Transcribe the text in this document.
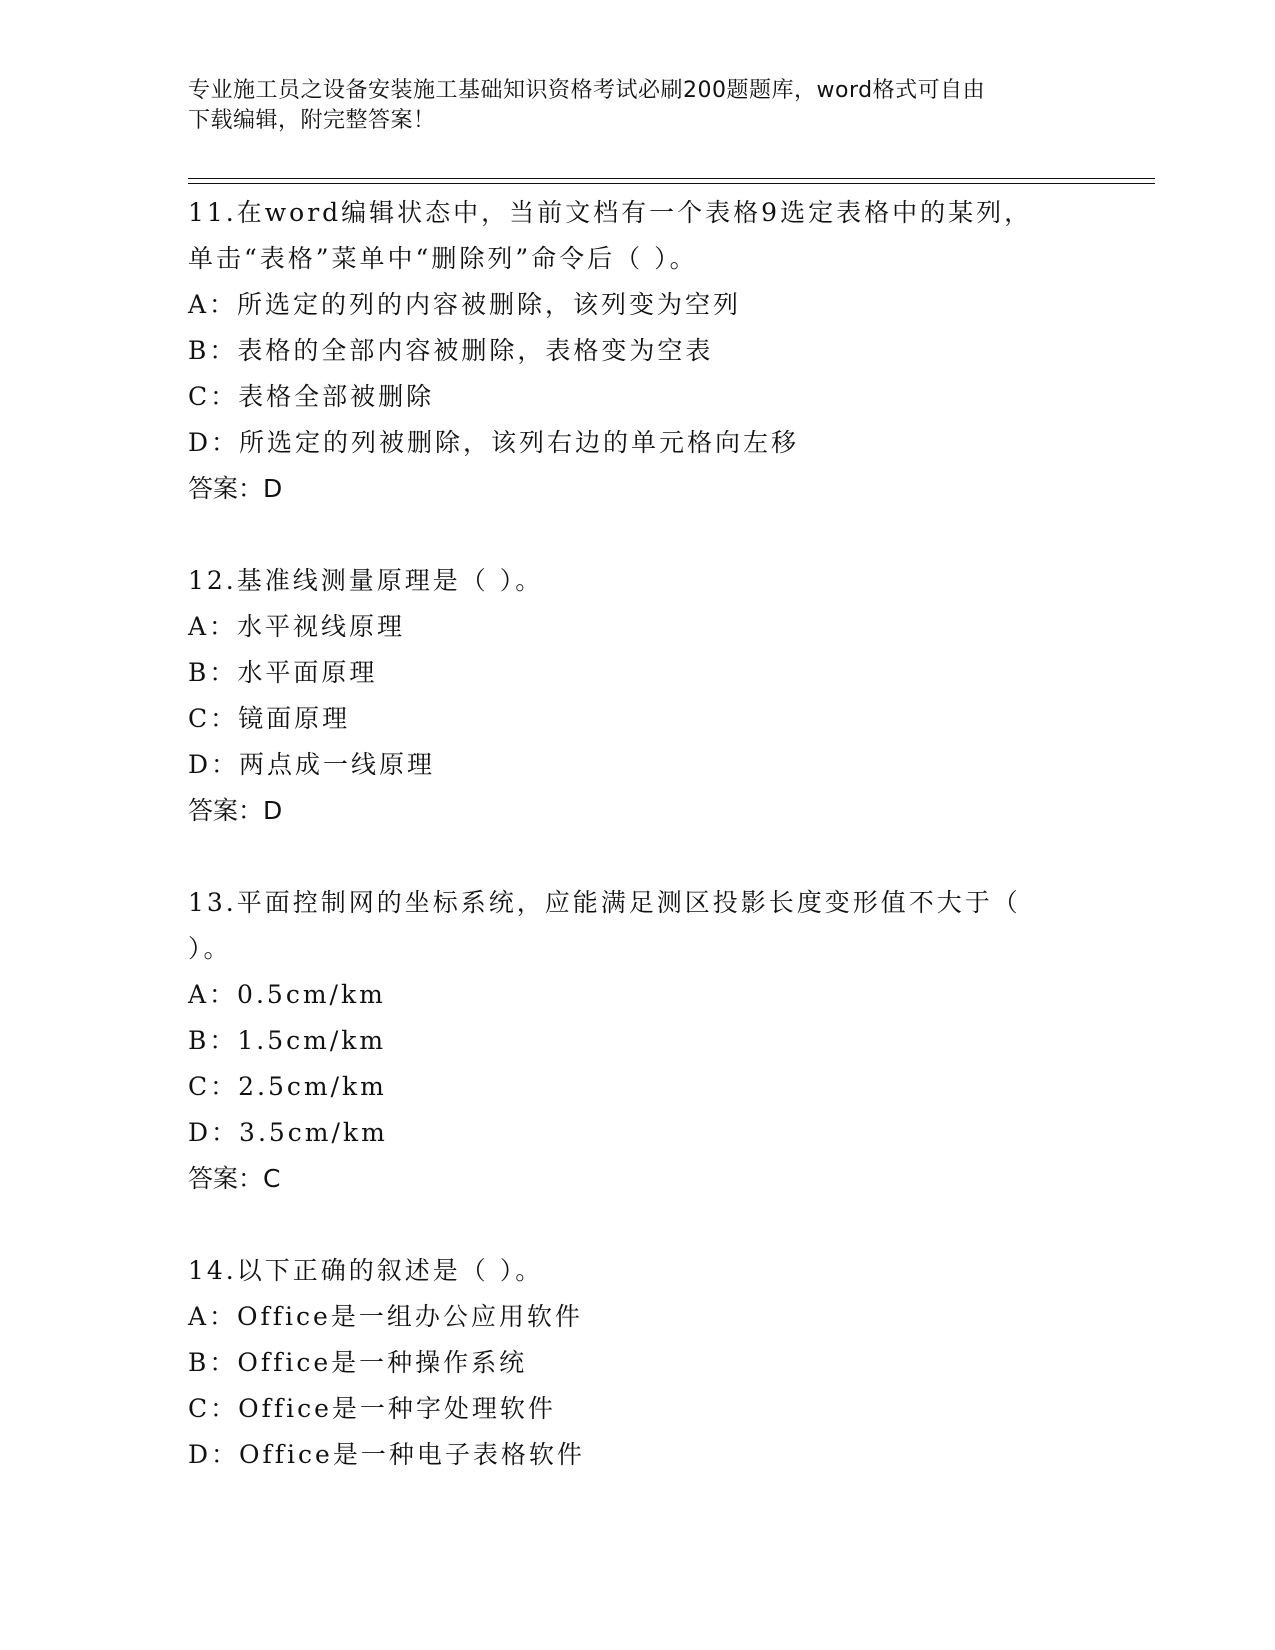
专业施工员之设备安装施工基础知识资格考试必刷200题题库，word格式可自由
下载编辑，附完整答案！
11.在word编辑状态中，当前文档有一个表格9选定表格中的某列，
单击“表格”菜单中“删除列”命令后（ ）。
A：所选定的列的内容被删除，该列变为空列
B：表格的全部内容被删除，表格变为空表
C：表格全部被删除
D：所选定的列被删除，该列右边的单元格向左移
答案：D
12.基准线测量原理是（ ）。
A：水平视线原理
B：水平面原理
C：镜面原理
D：两点成一线原理
答案：D
13.平面控制网的坐标系统，应能满足测区投影长度变形值不大于（
）。
A：0.5cm/km
B：1.5cm/km
C：2.5cm/km
D：3.5cm/km
答案：C
14.以下正确的叙述是（ ）。
A：Office是一组办公应用软件
B：Office是一种操作系统
C：Office是一种字处理软件
D：Office是一种电子表格软件
